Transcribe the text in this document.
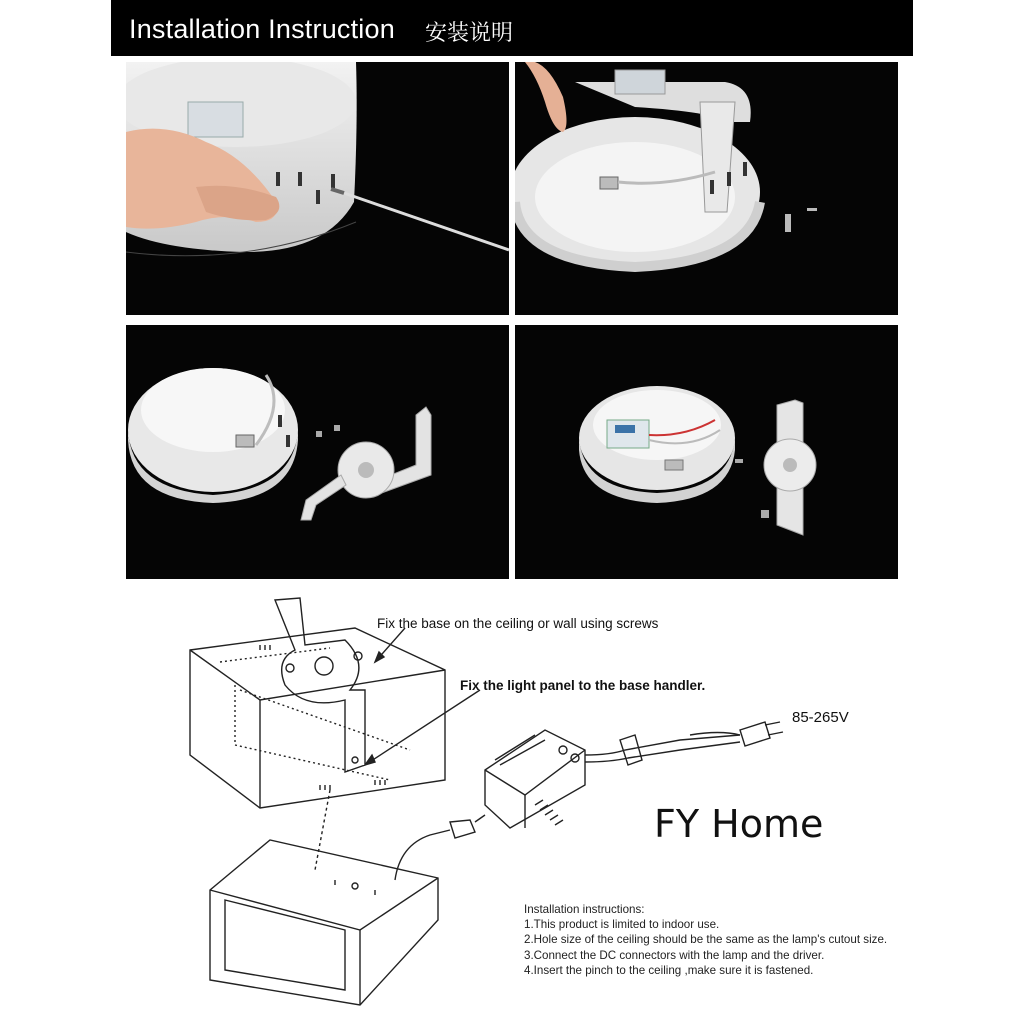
Installation Instruction 安装说明
Fix the base on the ceiling or wall using screws
Fix the light panel to the base handler.
85-265V
FY Home
Installation instructions:
1.This product is limited to indoor use.
2.Hole size of the ceiling should be the same as the lamp's cutout size.
3.Connect the DC connectors with the lamp and the driver.
4.Insert the pinch to the ceiling ,make sure it is fastened.
